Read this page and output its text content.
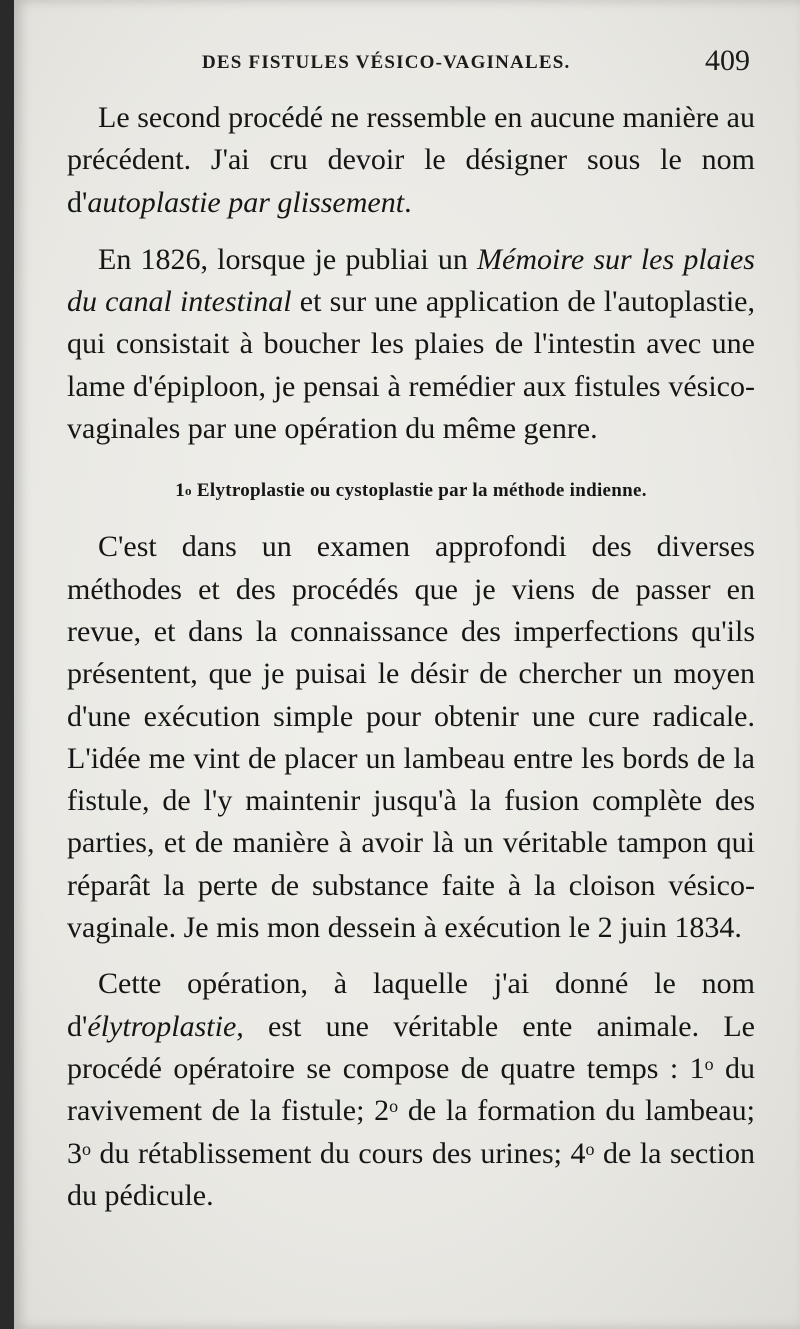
DES FISTULES VÉSICO-VAGINALES.	409

Le second procédé ne ressemble en aucune manière au précédent. J'ai cru devoir le désigner sous le nom d'autoplastie par glissement.

En 1826, lorsque je publiai un Mémoire sur les plaies du canal intestinal et sur une application de l'autoplastie, qui consistait à boucher les plaies de l'intestin avec une lame d'épiploon, je pensai à remédier aux fistules vésico-vaginales par une opération du même genre.

1$^o$ Elytroplastie ou cystoplastie par la méthode indienne.

C'est dans un examen approfondi des diverses méthodes et des procédés que je viens de passer en revue, et dans la connaissance des imperfections qu'ils présentent, que je puisai le désir de chercher un moyen d'une exécution simple pour obtenir une cure radicale. L'idée me vint de placer un lambeau entre les bords de la fistule, de l'y maintenir jusqu'à la fusion complète des parties, et de manière à avoir là un véritable tampon qui réparât la perte de substance faite à la cloison vésico-vaginale. Je mis mon dessein à exécution le 2 juin 1834.

Cette opération, à laquelle j'ai donné le nom d'élytroplastie, est une véritable ente animale. Le procédé opératoire se compose de quatre temps : 1$^o$ du ravivement de la fistule; 2$^o$ de la formation du lambeau; 3$^o$ du rétablissement du cours des urines; 4$^o$ de la section du pédicule.
